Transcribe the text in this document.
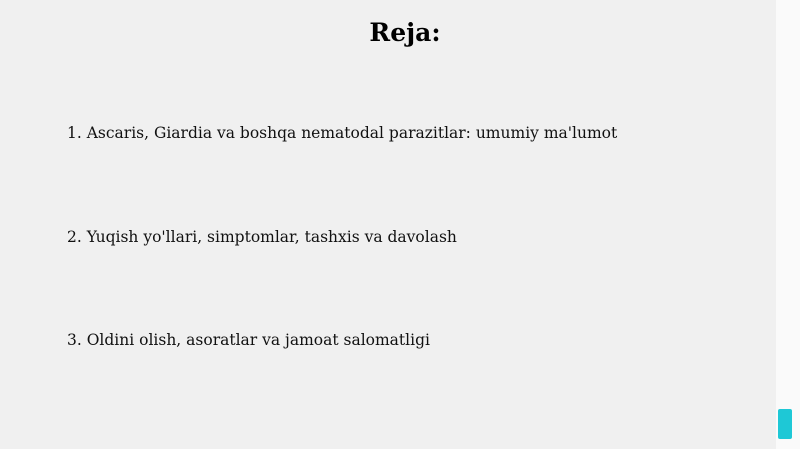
Reja:
1. Ascaris, Giardia va boshqa nematodal parazitlar: umumiy ma'lumot
2. Yuqish yo'llari, simptomlar, tashxis va davolash
3. Oldini olish, asoratlar va jamoat salomatligi
